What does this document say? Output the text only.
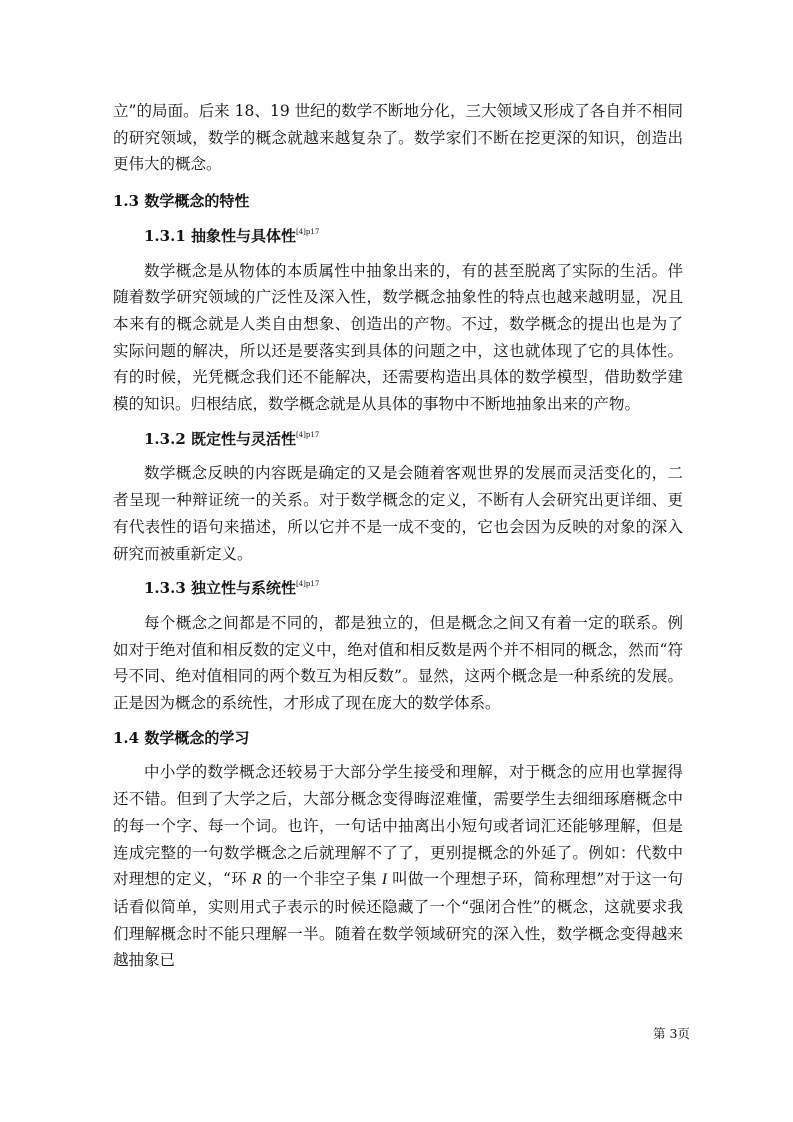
立”的局面。后来 18、19 世纪的数学不断地分化，三大领域又形成了各自并不相同的研究领域，数学的概念就越来越复杂了。数学家们不断在挖更深的知识，创造出更伟大的概念。

1.3 数学概念的特性

1.3.1 抽象性与具体性$^{[4]p17}$

数学概念是从物体的本质属性中抽象出来的，有的甚至脱离了实际的生活。伴随着数学研究领域的广泛性及深入性，数学概念抽象性的特点也越来越明显，况且本来有的概念就是人类自由想象、创造出的产物。不过，数学概念的提出也是为了实际问题的解决，所以还是要落实到具体的问题之中，这也就体现了它的具体性。有的时候，光凭概念我们还不能解决，还需要构造出具体的数学模型，借助数学建模的知识。归根结底，数学概念就是从具体的事物中不断地抽象出来的产物。

1.3.2 既定性与灵活性$^{[4]p17}$

数学概念反映的内容既是确定的又是会随着客观世界的发展而灵活变化的，二者呈现一种辩证统一的关系。对于数学概念的定义，不断有人会研究出更详细、更有代表性的语句来描述，所以它并不是一成不变的，它也会因为反映的对象的深入研究而被重新定义。

1.3.3 独立性与系统性$^{[4]p17}$

每个概念之间都是不同的，都是独立的，但是概念之间又有着一定的联系。例如对于绝对值和相反数的定义中，绝对值和相反数是两个并不相同的概念，然而“符号不同、绝对值相同的两个数互为相反数”。显然，这两个概念是一种系统的发展。正是因为概念的系统性，才形成了现在庞大的数学体系。

1.4 数学概念的学习

中小学的数学概念还较易于大部分学生接受和理解，对于概念的应用也掌握得还不错。但到了大学之后，大部分概念变得晦涩难懂，需要学生去细细琢磨概念中的每一个字、每一个词。也许，一句话中抽离出小短句或者词汇还能够理解，但是连成完整的一句数学概念之后就理解不了了，更别提概念的外延了。例如：代数中对理想的定义，“环 R 的一个非空子集 I 叫做一个理想子环，简称理想”对于这一句话看似简单，实则用式子表示的时候还隐藏了一个“强闭合性”的概念，这就要求我们理解概念时不能只理解一半。随着在数学领域研究的深入性，数学概念变得越来越抽象已

第 3页
